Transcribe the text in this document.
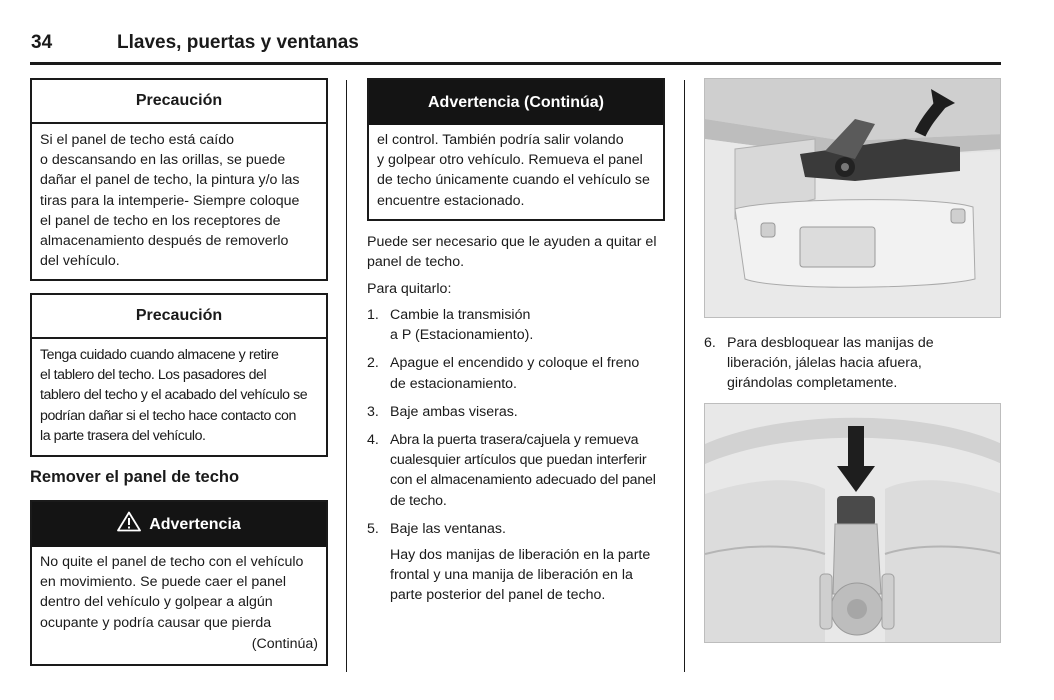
34	Llaves, puertas y ventanas
Precaución
Si el panel de techo está caído
o descansando en las orillas, se puede
dañar el panel de techo, la pintura y/o las
tiras para la intemperie- Siempre coloque
el panel de techo en los receptores de
almacenamiento después de removerlo
del vehículo.
Precaución
Tenga cuidado cuando almacene y retire
el tablero del techo. Los pasadores del
tablero del techo y el acabado del vehículo se
podrían dañar si el techo hace contacto con
la parte trasera del vehículo.
Remover el panel de techo
Advertencia
No quite el panel de techo con el vehículo
en movimiento. Se puede caer el panel
dentro del vehículo y golpear a algún
ocupante y podría causar que pierda
(Continúa)
Advertencia (Continúa)
el control. También podría salir volando
y golpear otro vehículo. Remueva el panel
de techo únicamente cuando el vehículo se
encuentre estacionado.
Puede ser necesario que le ayuden a quitar el
panel de techo.
Para quitarlo:
1. Cambie la transmisión
a P (Estacionamiento).
2. Apague el encendido y coloque el freno
de estacionamiento.
3. Baje ambas viseras.
4. Abra la puerta trasera/cajuela y remueva
cualesquier artículos que puedan interferir
con el almacenamiento adecuado del panel
de techo.
5. Baje las ventanas.
Hay dos manijas de liberación en la parte
frontal y una manija de liberación en la
parte posterior del panel de techo.
6. Para desbloquear las manijas de
liberación, jálelas hacia afuera,
girándolas completamente.
